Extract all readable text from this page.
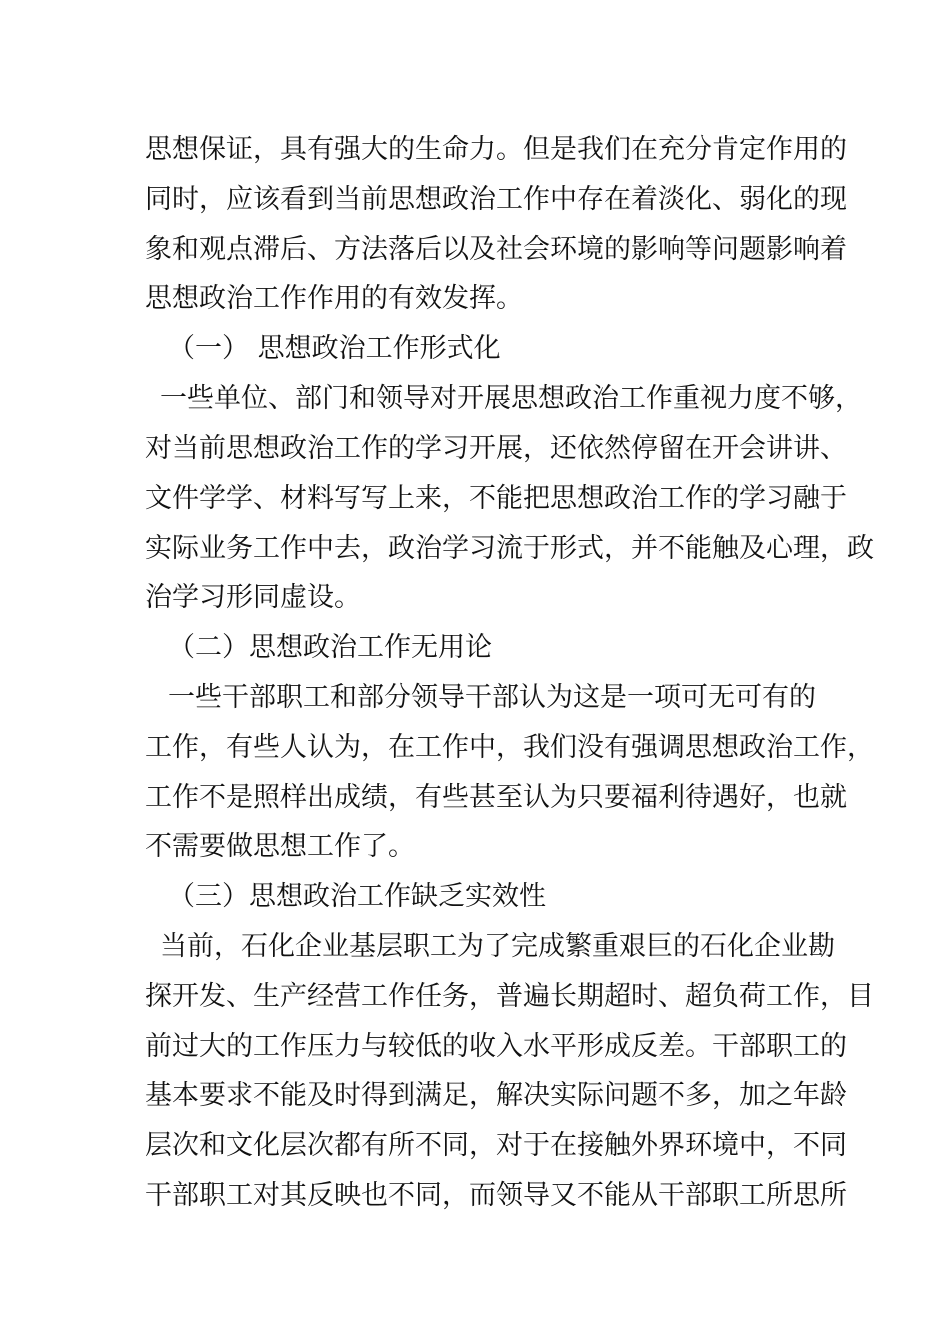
思想保证，具有强大的生命力。但是我们在充分肯定作用的

同时，应该看到当前思想政治工作中存在着淡化、弱化的现

象和观点滞后、方法落后以及社会环境的影响等问题影响着

思想政治工作作用的有效发挥。

（一） 思想政治工作形式化

一些单位、部门和领导对开展思想政治工作重视力度不够，

对当前思想政治工作的学习开展，还依然停留在开会讲讲、

文件学学、材料写写上来，不能把思想政治工作的学习融于

实际业务工作中去，政治学习流于形式，并不能触及心理，政

治学习形同虚设。

（二）思想政治工作无用论

一些干部职工和部分领导干部认为这是一项可无可有的

工作，有些人认为，在工作中，我们没有强调思想政治工作，

工作不是照样出成绩，有些甚至认为只要福利待遇好，也就

不需要做思想工作了。

（三）思想政治工作缺乏实效性

当前，石化企业基层职工为了完成繁重艰巨的石化企业勘

探开发、生产经营工作任务，普遍长期超时、超负荷工作，目

前过大的工作压力与较低的收入水平形成反差。干部职工的

基本要求不能及时得到满足，解决实际问题不多，加之年龄

层次和文化层次都有所不同，对于在接触外界环境中，不同

干部职工对其反映也不同，而领导又不能从干部职工所思所
